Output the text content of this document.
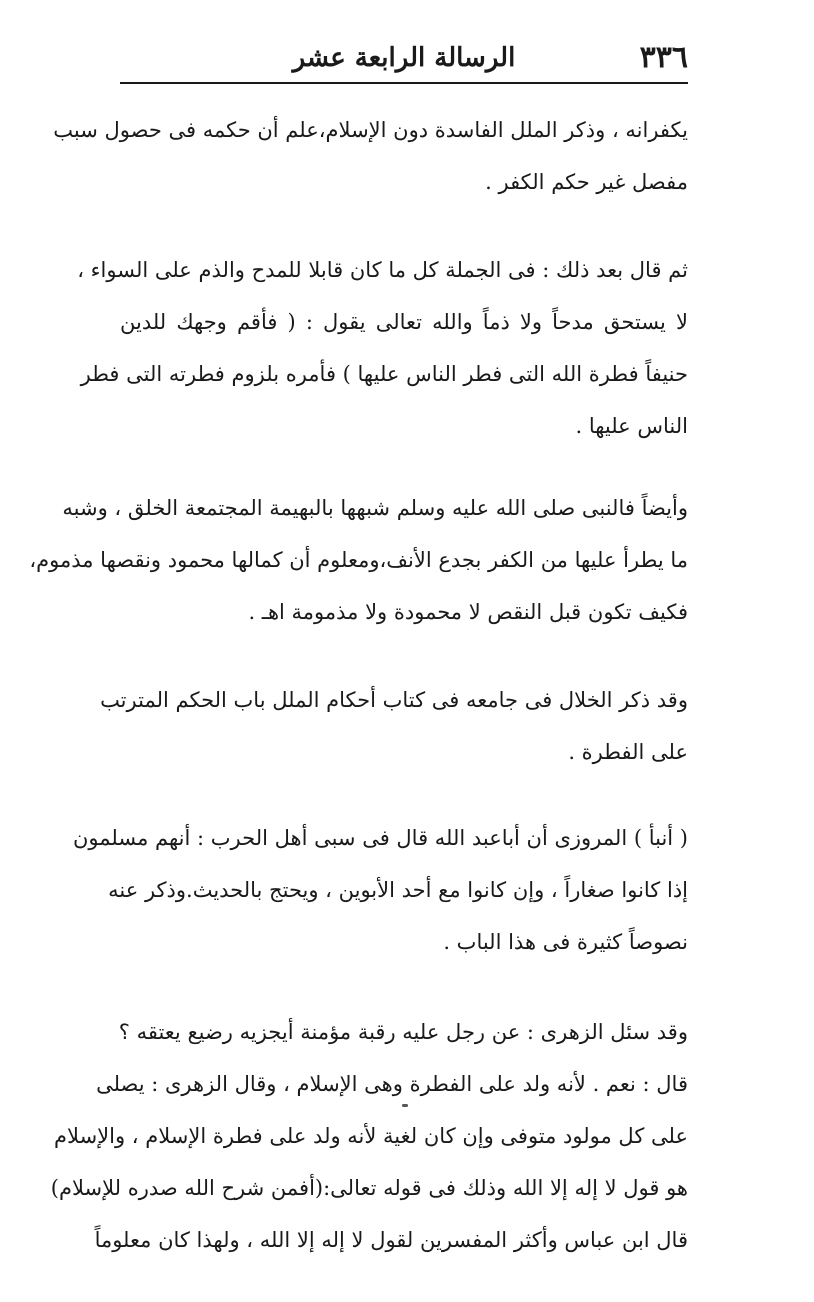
٣٣٦
الرسالة الرابعة عشر
يكفرانه ، وذكر الملل الفاسدة دون الإسلام،علم أن حكمه فى حصول سبب
مفصل غير حكم الكفر .
ثم قال بعد ذلك : فى الجملة كل ما كان قابلا للمدح والذم على السواء ،
لا يستحق مدحاً ولا ذماً والله تعالى يقول : ( فأقم وجهك للدين
حنيفاً فطرة الله التى فطر الناس عليها ) فأمره بلزوم فطرته التى فطر
الناس عليها .
وأيضاً فالنبى صلى الله عليه وسلم شبهها بالبهيمة المجتمعة الخلق ، وشبه
ما يطرأ عليها من الكفر بجدع الأنف،ومعلوم أن كمالها محمود ونقصها مذموم،
فكيف تكون قبل النقص لا محمودة ولا مذمومة اهـ .
وقد ذكر الخلال فى جامعه فى كتاب أحكام الملل باب الحكم المترتب
على الفطرة .
( أنبأ ) المروزى أن أباعبد الله قال فى سبى أهل الحرب : أنهم مسلمون
إذا كانوا صغاراً ، وإن كانوا مع أحد الأبوين ، ويحتج بالحديث.وذكر عنه
نصوصاً كثيرة فى هذا الباب .
وقد سئل الزهرى : عن رجل عليه رقبة مؤمنة أيجزيه رضيع يعتقه ؟
قال : نعم . لأنه ولد على الفطرة وهى الإسلام ، وقال الزهرى : يصلى
على كل مولود متوفى وإن كان لغية لأنه ولد على فطرة الإسلام ، والإسلام
هو قول لا إله إلا الله وذلك فى قوله تعالى:(أفمن شرح الله صدره للإسلام)
قال ابن عباس وأكثر المفسرين لقول لا إله إلا الله ، ولهذا كان معلوماً
